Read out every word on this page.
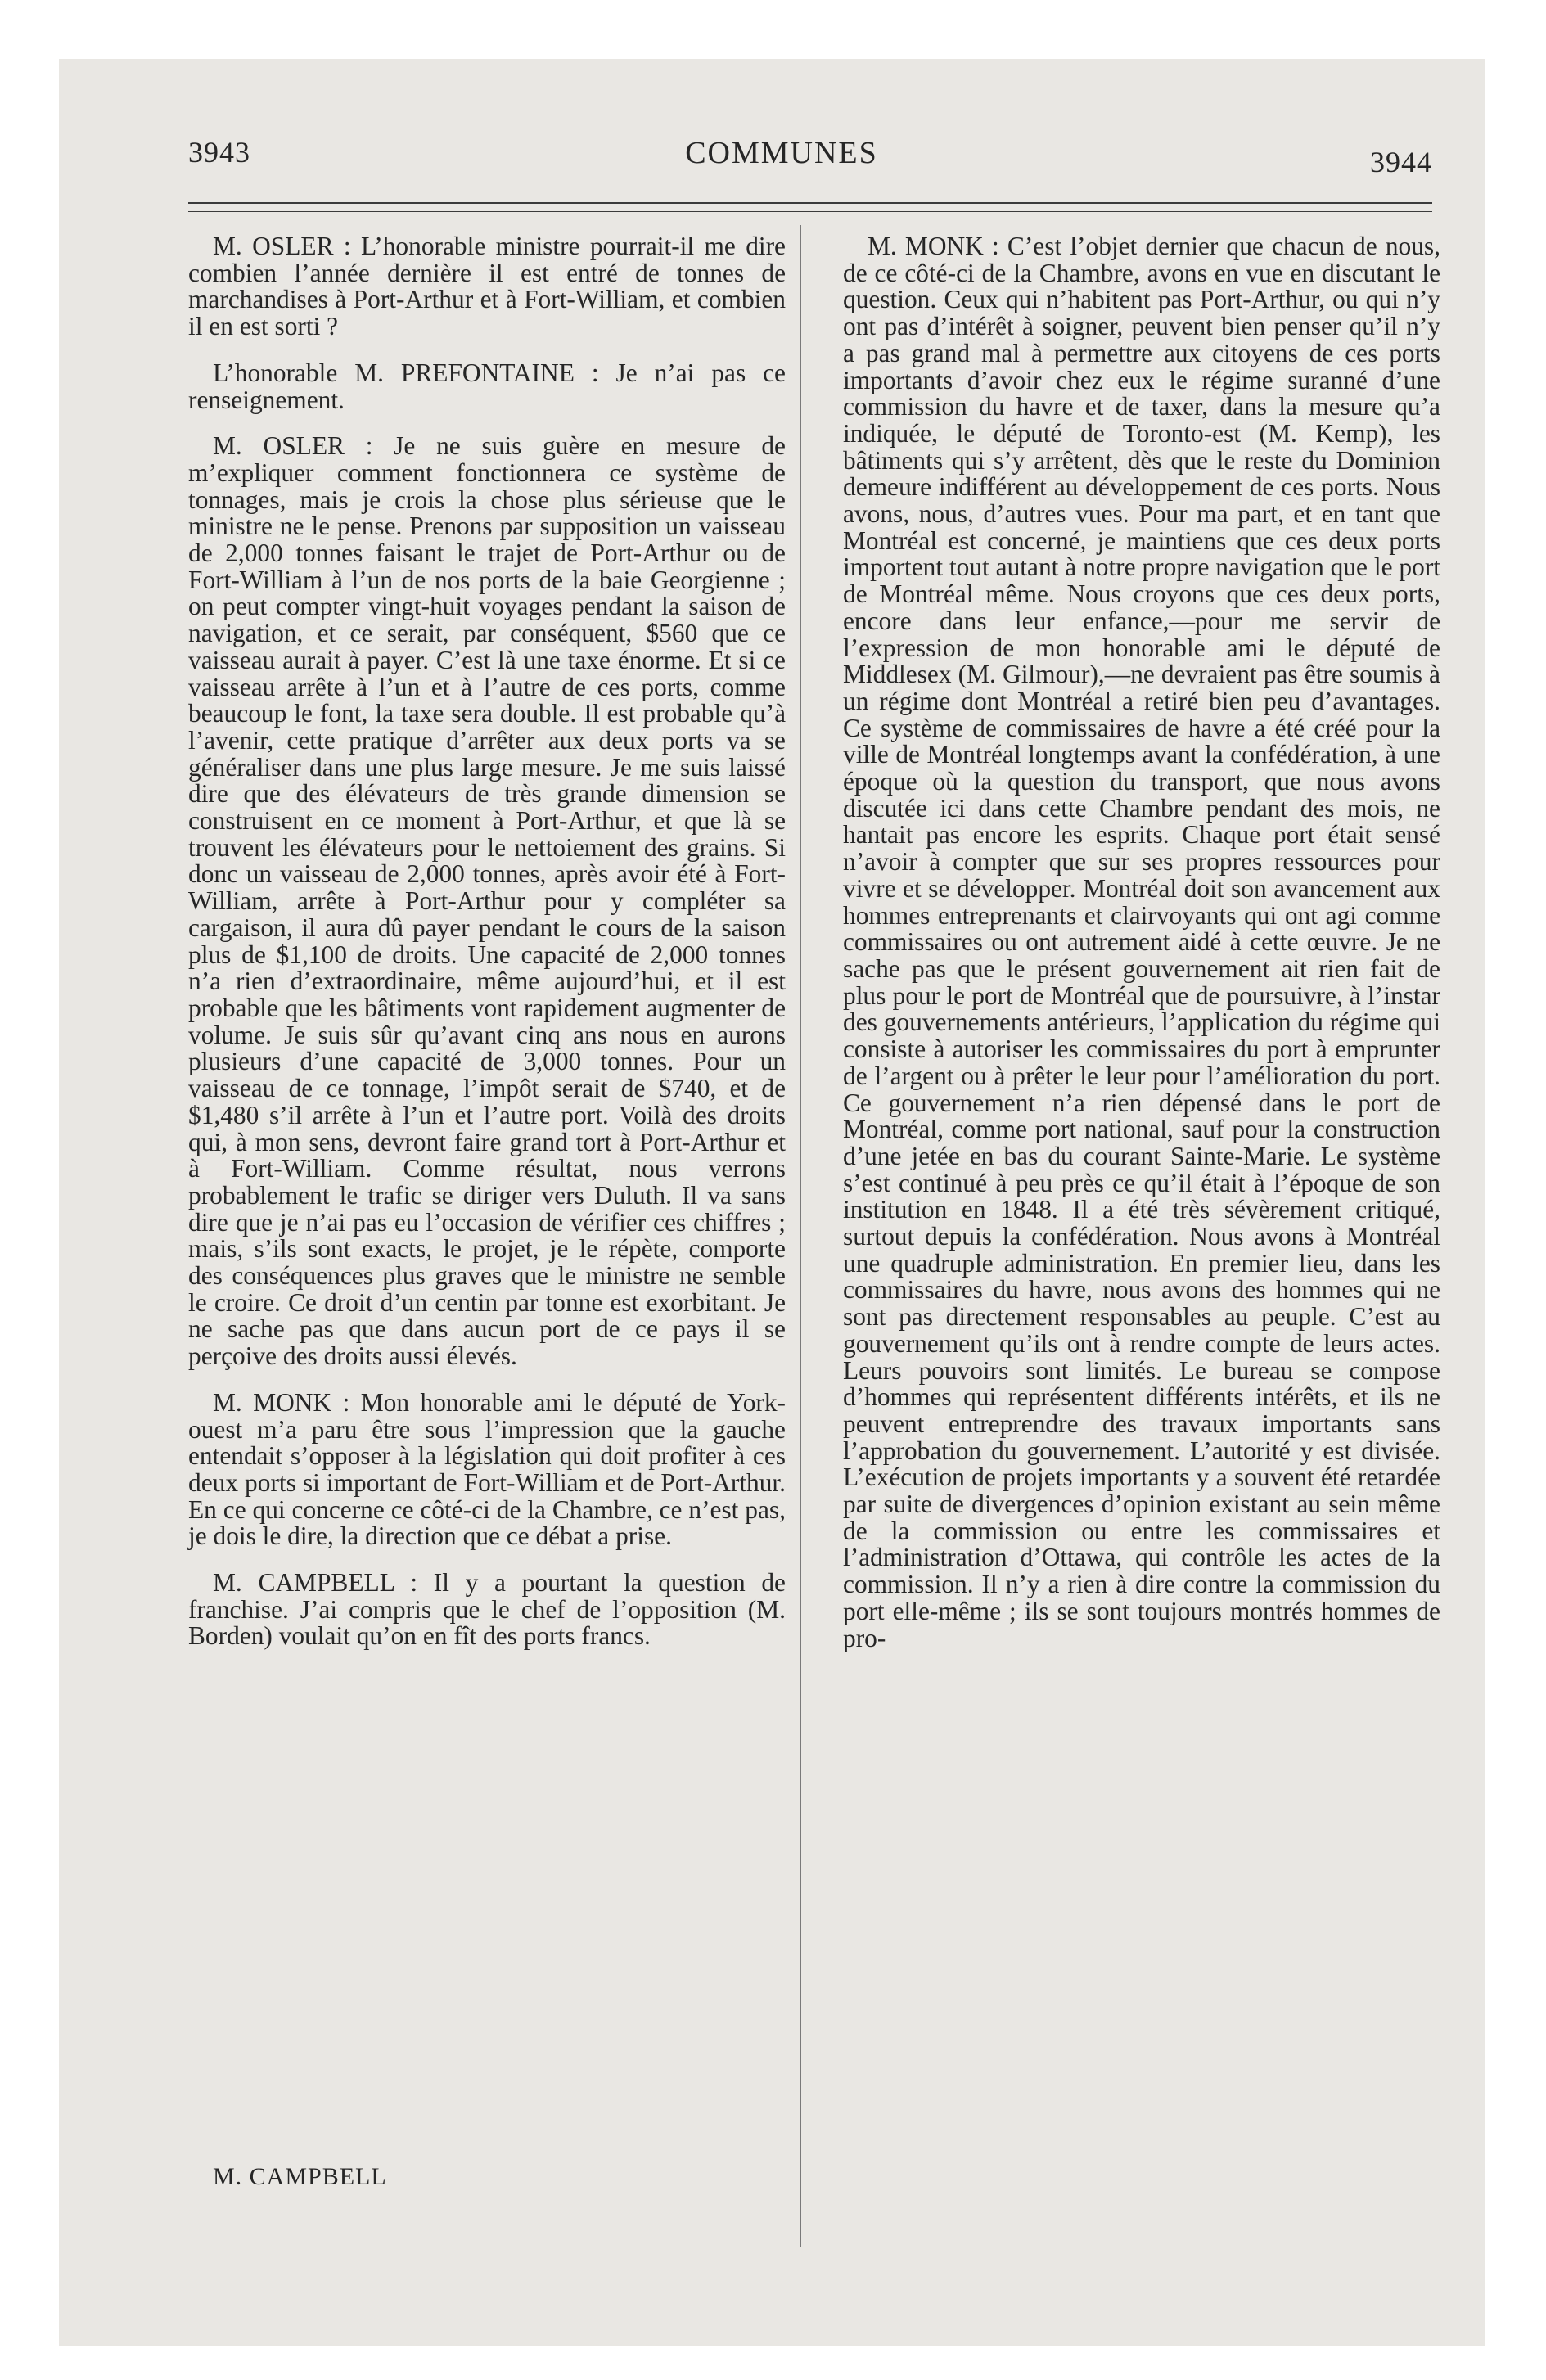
3943	COMMUNES	3944

M. OSLER : L’honorable ministre pourrait-il me dire combien l’année dernière il est entré de tonnes de marchandises à Port-Arthur et à Fort-William, et combien il en est sorti ?

L’honorable M. PREFONTAINE : Je n’ai pas ce renseignement.

M. OSLER : Je ne suis guère en mesure de m’expliquer comment fonctionnera ce système de tonnages, mais je crois la chose plus sérieuse que le ministre ne le pense. Prenons par supposition un vaisseau de 2,000 tonnes faisant le trajet de Port-Arthur ou de Fort-William à l’un de nos ports de la baie Georgienne ; on peut compter vingt-huit voyages pendant la saison de navigation, et ce serait, par conséquent, $560 que ce vaisseau aurait à payer. C’est là une taxe énorme. Et si ce vaisseau arrête à l’un et à l’autre de ces ports, comme beaucoup le font, la taxe sera double. Il est probable qu’à l’avenir, cette pratique d’arrêter aux deux ports va se généraliser dans une plus large mesure. Je me suis laissé dire que des élévateurs de très grande dimension se construisent en ce moment à Port-Arthur, et que là se trouvent les élévateurs pour le nettoiement des grains. Si donc un vaisseau de 2,000 tonnes, après avoir été à Fort-William, arrête à Port-Arthur pour y compléter sa cargaison, il aura dû payer pendant le cours de la saison plus de $1,100 de droits. Une capacité de 2,000 tonnes n’a rien d’extraordinaire, même aujourd’hui, et il est probable que les bâtiments vont rapidement augmenter de volume. Je suis sûr qu’avant cinq ans nous en aurons plusieurs d’une capacité de 3,000 tonnes. Pour un vaisseau de ce tonnage, l’impôt serait de $740, et de $1,480 s’il arrête à l’un et l’autre port. Voilà des droits qui, à mon sens, devront faire grand tort à Port-Arthur et à Fort-William. Comme résultat, nous verrons probablement le trafic se diriger vers Duluth. Il va sans dire que je n’ai pas eu l’occasion de vérifier ces chiffres ; mais, s’ils sont exacts, le projet, je le répète, comporte des conséquences plus graves que le ministre ne semble le croire. Ce droit d’un centin par tonne est exorbitant. Je ne sache pas que dans aucun port de ce pays il se perçoive des droits aussi élevés.

M. MONK : Mon honorable ami le député de York-ouest m’a paru être sous l’impression que la gauche entendait s’opposer à la législation qui doit profiter à ces deux ports si important de Fort-William et de Port-Arthur. En ce qui concerne ce côté-ci de la Chambre, ce n’est pas, je dois le dire, la direction que ce débat a prise.

M. CAMPBELL : Il y a pourtant la question de franchise. J’ai compris que le chef de l’opposition (M. Borden) voulait qu’on en fît des ports francs.

M. MONK : C’est l’objet dernier que chacun de nous, de ce côté-ci de la Chambre, avons en vue en discutant le question. Ceux qui n’habitent pas Port-Arthur, ou qui n’y ont pas d’intérêt à soigner, peuvent bien penser qu’il n’y a pas grand mal à permettre aux citoyens de ces ports importants d’avoir chez eux le régime suranné d’une commission du havre et de taxer, dans la mesure qu’a indiquée, le député de Toronto-est (M. Kemp), les bâtiments qui s’y arrêtent, dès que le reste du Dominion demeure indifférent au développement de ces ports. Nous avons, nous, d’autres vues. Pour ma part, et en tant que Montréal est concerné, je maintiens que ces deux ports importent tout autant à notre propre navigation que le port de Montréal même. Nous croyons que ces deux ports, encore dans leur enfance,—pour me servir de l’expression de mon honorable ami le député de Middlesex (M. Gilmour),—ne devraient pas être soumis à un régime dont Montréal a retiré bien peu d’avantages. Ce système de commissaires de havre a été créé pour la ville de Montréal longtemps avant la confédération, à une époque où la question du transport, que nous avons discutée ici dans cette Chambre pendant des mois, ne hantait pas encore les esprits. Chaque port était sensé n’avoir à compter que sur ses propres ressources pour vivre et se développer. Montréal doit son avancement aux hommes entreprenants et clairvoyants qui ont agi comme commissaires ou ont autrement aidé à cette œuvre. Je ne sache pas que le présent gouvernement ait rien fait de plus pour le port de Montréal que de poursuivre, à l’instar des gouvernements antérieurs, l’application du régime qui consiste à autoriser les commissaires du port à emprunter de l’argent ou à prêter le leur pour l’amélioration du port. Ce gouvernement n’a rien dépensé dans le port de Montréal, comme port national, sauf pour la construction d’une jetée en bas du courant Sainte-Marie. Le système s’est continué à peu près ce qu’il était à l’époque de son institution en 1848. Il a été très sévèrement critiqué, surtout depuis la confédération. Nous avons à Montréal une quadruple administration. En premier lieu, dans les commissaires du havre, nous avons des hommes qui ne sont pas directement responsables au peuple. C’est au gouvernement qu’ils ont à rendre compte de leurs actes. Leurs pouvoirs sont limités. Le bureau se compose d’hommes qui représentent différents intérêts, et ils ne peuvent entreprendre des travaux importants sans l’approbation du gouvernement. L’autorité y est divisée. L’exécution de projets importants y a souvent été retardée par suite de divergences d’opinion existant au sein même de la commission ou entre les commissaires et l’administration d’Ottawa, qui contrôle les actes de la commission. Il n’y a rien à dire contre la commission du port elle-même ; ils se sont toujours montrés hommes de pro-

M. CAMPBELL
